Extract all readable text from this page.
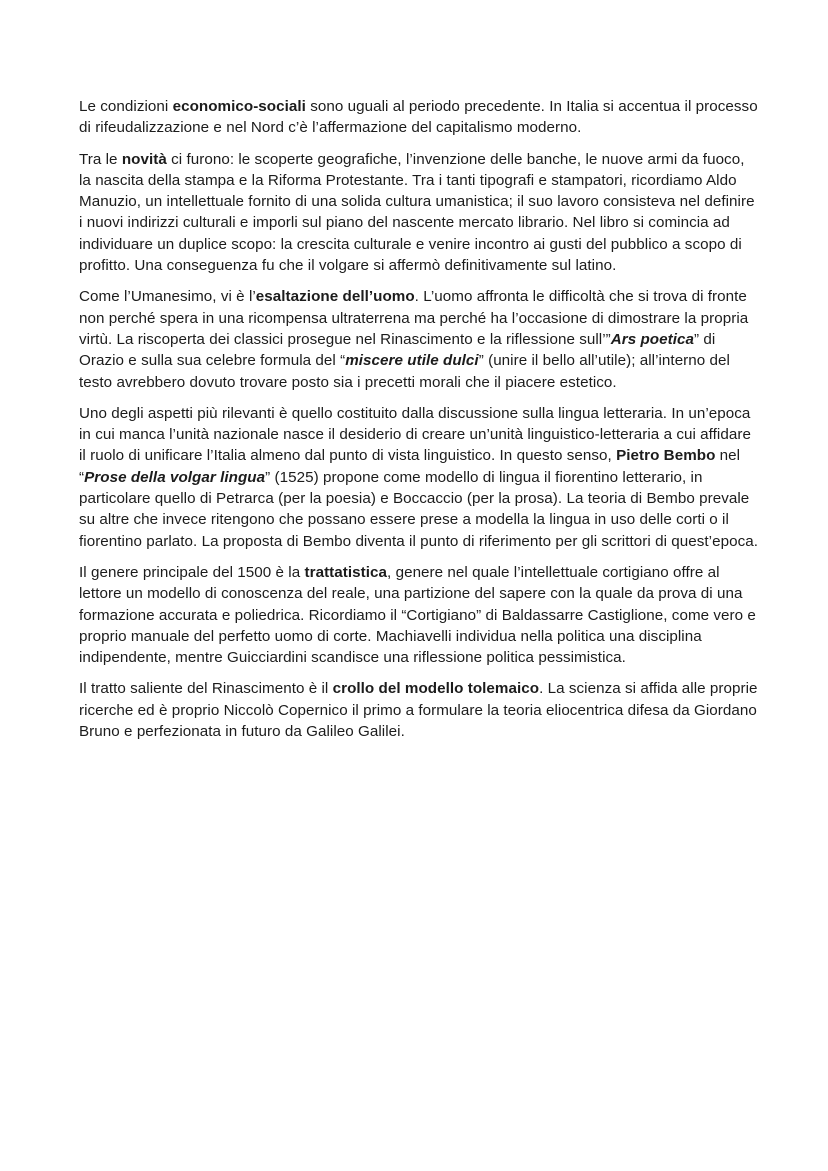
Le condizioni economico-sociali sono uguali al periodo precedente. In Italia si accentua il processo di rifeudalizzazione e nel Nord c’è l’affermazione del capitalismo moderno.

Tra le novità ci furono: le scoperte geografiche, l’invenzione delle banche, le nuove armi da fuoco, la nascita della stampa e la Riforma Protestante. Tra i tanti tipografi e stampatori, ricordiamo Aldo Manuzio, un intellettuale fornito di una solida cultura umanistica; il suo lavoro consisteva nel definire i nuovi indirizzi culturali e imporli sul piano del nascente mercato librario. Nel libro si comincia ad individuare un duplice scopo: la crescita culturale e venire incontro ai gusti del pubblico a scopo di profitto. Una conseguenza fu che il volgare si affermò definitivamente sul latino.

Come l’Umanesimo, vi è l’esaltazione dell’uomo. L’uomo affronta le difficoltà che si trova di fronte non perché spera in una ricompensa ultraterrena ma perché ha l’occasione di dimostrare la propria virtù. La riscoperta dei classici prosegue nel Rinascimento e la riflessione sull’”Ars poetica” di Orazio e sulla sua celebre formula del “miscere utile dulci” (unire il bello all’utile); all’interno del testo avrebbero dovuto trovare posto sia i precetti morali che il piacere estetico.

Uno degli aspetti più rilevanti è quello costituito dalla discussione sulla lingua letteraria. In un’epoca in cui manca l’unità nazionale nasce il desiderio di creare un’unità linguistico-letteraria a cui affidare il ruolo di unificare l’Italia almeno dal punto di vista linguistico. In questo senso, Pietro Bembo nel “Prose della volgar lingua” (1525) propone come modello di lingua il fiorentino letterario, in particolare quello di Petrarca (per la poesia) e Boccaccio (per la prosa). La teoria di Bembo prevale su altre che invece ritengono che possano essere prese a modella la lingua in uso delle corti o il fiorentino parlato. La proposta di Bembo diventa il punto di riferimento per gli scrittori di quest’epoca.

Il genere principale del 1500 è la trattatistica, genere nel quale l’intellettuale cortigiano offre al lettore un modello di conoscenza del reale, una partizione del sapere con la quale da prova di una formazione accurata e poliedrica. Ricordiamo il “Cortigiano” di Baldassarre Castiglione, come vero e proprio manuale del perfetto uomo di corte. Machiavelli individua nella politica una disciplina indipendente, mentre Guicciardini scandisce una riflessione politica pessimistica.

Il tratto saliente del Rinascimento è il crollo del modello tolemaico. La scienza si affida alle proprie ricerche ed è proprio Niccolò Copernico il primo a formulare la teoria eliocentrica difesa da Giordano Bruno e perfezionata in futuro da Galileo Galilei.
